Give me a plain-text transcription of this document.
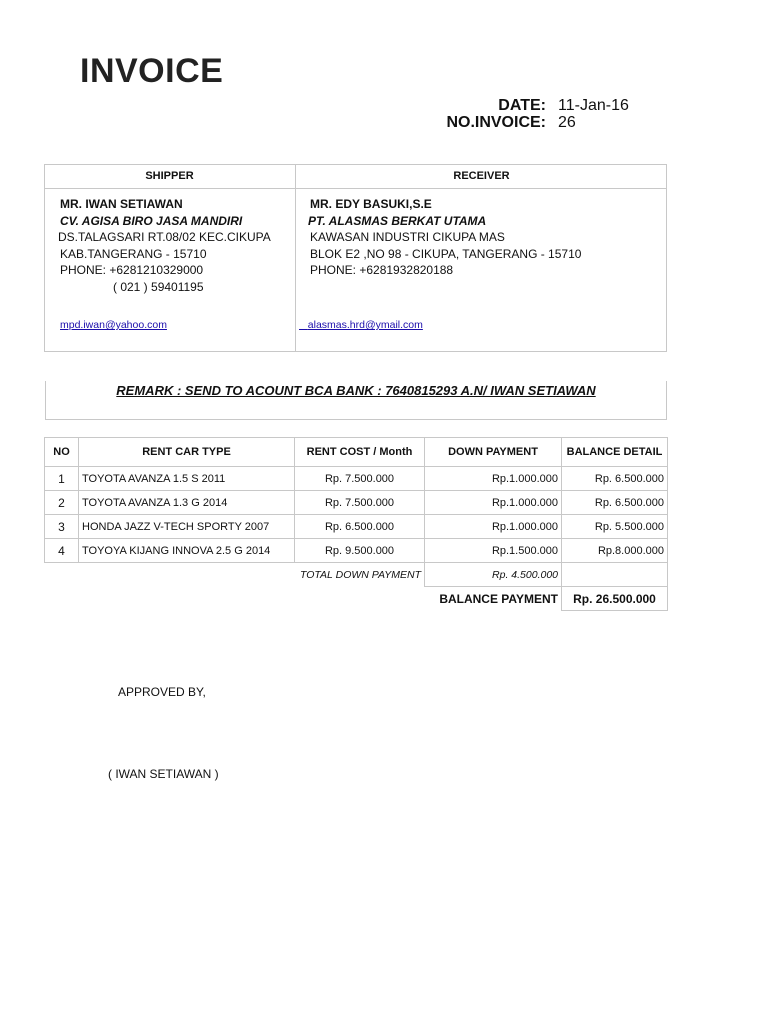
INVOICE
DATE: 11-Jan-16
NO.INVOICE: 26
SHIPPER	RECEIVER
MR. IWAN SETIAWAN
CV. AGISA BIRO JASA MANDIRI
DS.TALAGSARI RT.08/02 KEC.CIKUPA
KAB.TANGERANG - 15710
PHONE: +6281210329000
( 021 ) 59401195
mpd.iwan@yahoo.com
MR. EDY BASUKI,S.E
PT. ALASMAS BERKAT UTAMA
KAWASAN INDUSTRI CIKUPA MAS
BLOK E2 ,NO 98 - CIKUPA, TANGERANG - 15710
PHONE: +6281932820188
alasmas.hrd@ymail.com
REMARK : SEND TO ACOUNT BCA BANK : 7640815293 A.N/ IWAN SETIAWAN
NO	RENT CAR TYPE	RENT COST / Month	DOWN PAYMENT	BALANCE DETAIL
1	TOYOTA AVANZA 1.5 S 2011	Rp. 7.500.000	Rp.1.000.000	Rp. 6.500.000
2	TOYOTA AVANZA 1.3 G 2014	Rp. 7.500.000	Rp.1.000.000	Rp. 6.500.000
3	HONDA JAZZ V-TECH SPORTY 2007	Rp. 6.500.000	Rp.1.000.000	Rp. 5.500.000
4	TOYOYA KIJANG INNOVA 2.5 G 2014	Rp. 9.500.000	Rp.1.500.000	Rp.8.000.000
	TOTAL DOWN PAYMENT		Rp. 4.500.000	
			BALANCE PAYMENT	Rp. 26.500.000
APPROVED BY,
( IWAN SETIAWAN )
